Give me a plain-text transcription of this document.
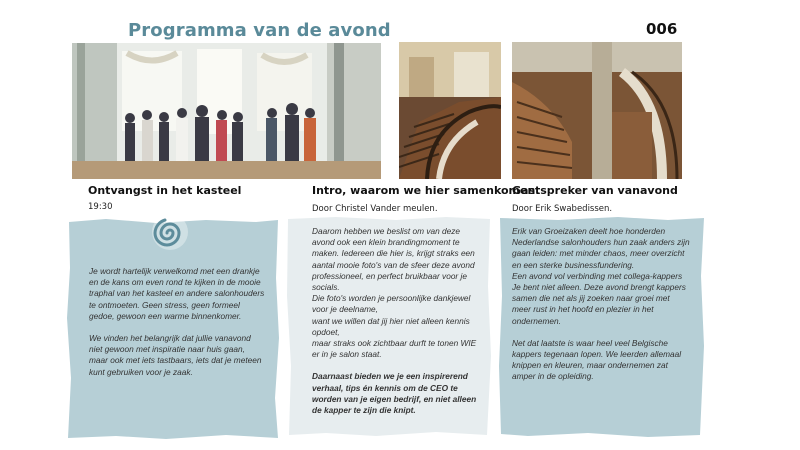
Programma van de avond	006
Ontvangst in het kasteel	Intro, waarom we hier samenkomen.
Gastspreker van vanavond
19:30	Door Christel Vander meulen.	Door Erik Swabedissen.

Je wordt hartelijk verwelkomd met een drankje en de kans om even rond te kijken in de mooie traphal van het kasteel en andere salonhouders te ontmoeten. Geen stress, geen formeel gedoe, gewoon een warme binnenkomer.

We vinden het belangrijk dat jullie vanavond niet gewoon met inspiratie naar huis gaan, maar ook met iets tastbaars, iets dat je meteen kunt gebruiken voor je zaak.

Daarom hebben we beslist om van deze avond ook een klein brandingmoment te maken. Iedereen die hier is, krijgt straks een aantal mooie foto's van de sfeer deze avond professioneel, en perfect bruikbaar voor je socials.
Die foto's worden je persoonlijke dankjewel voor je deelname,
want we willen dat jij hier niet alleen kennis opdoet,
maar straks ook zichtbaar durft te tonen WIE er in je salon staat.
Daarnaast bieden we je een inspirerend verhaal, tips én kennis om de CEO te worden van je eigen bedrijf, en niet alleen de kapper te zijn die knipt.
Erik van Groeizaken deelt hoe honderden Nederlandse salonhouders hun zaak anders zijn gaan leiden: met minder chaos, meer overzicht en een sterke businessfundering.
Een avond vol verbinding met collega-kappers Je bent niet alleen. Deze avond brengt kappers samen die net als jij zoeken naar groei met meer rust in het hoofd en plezier in het ondernemen.
Net dat laatste is waar heel veel Belgische kappers tegenaan lopen. We leerden allemaal knippen en kleuren, maar ondernemen zat amper in de opleiding.
